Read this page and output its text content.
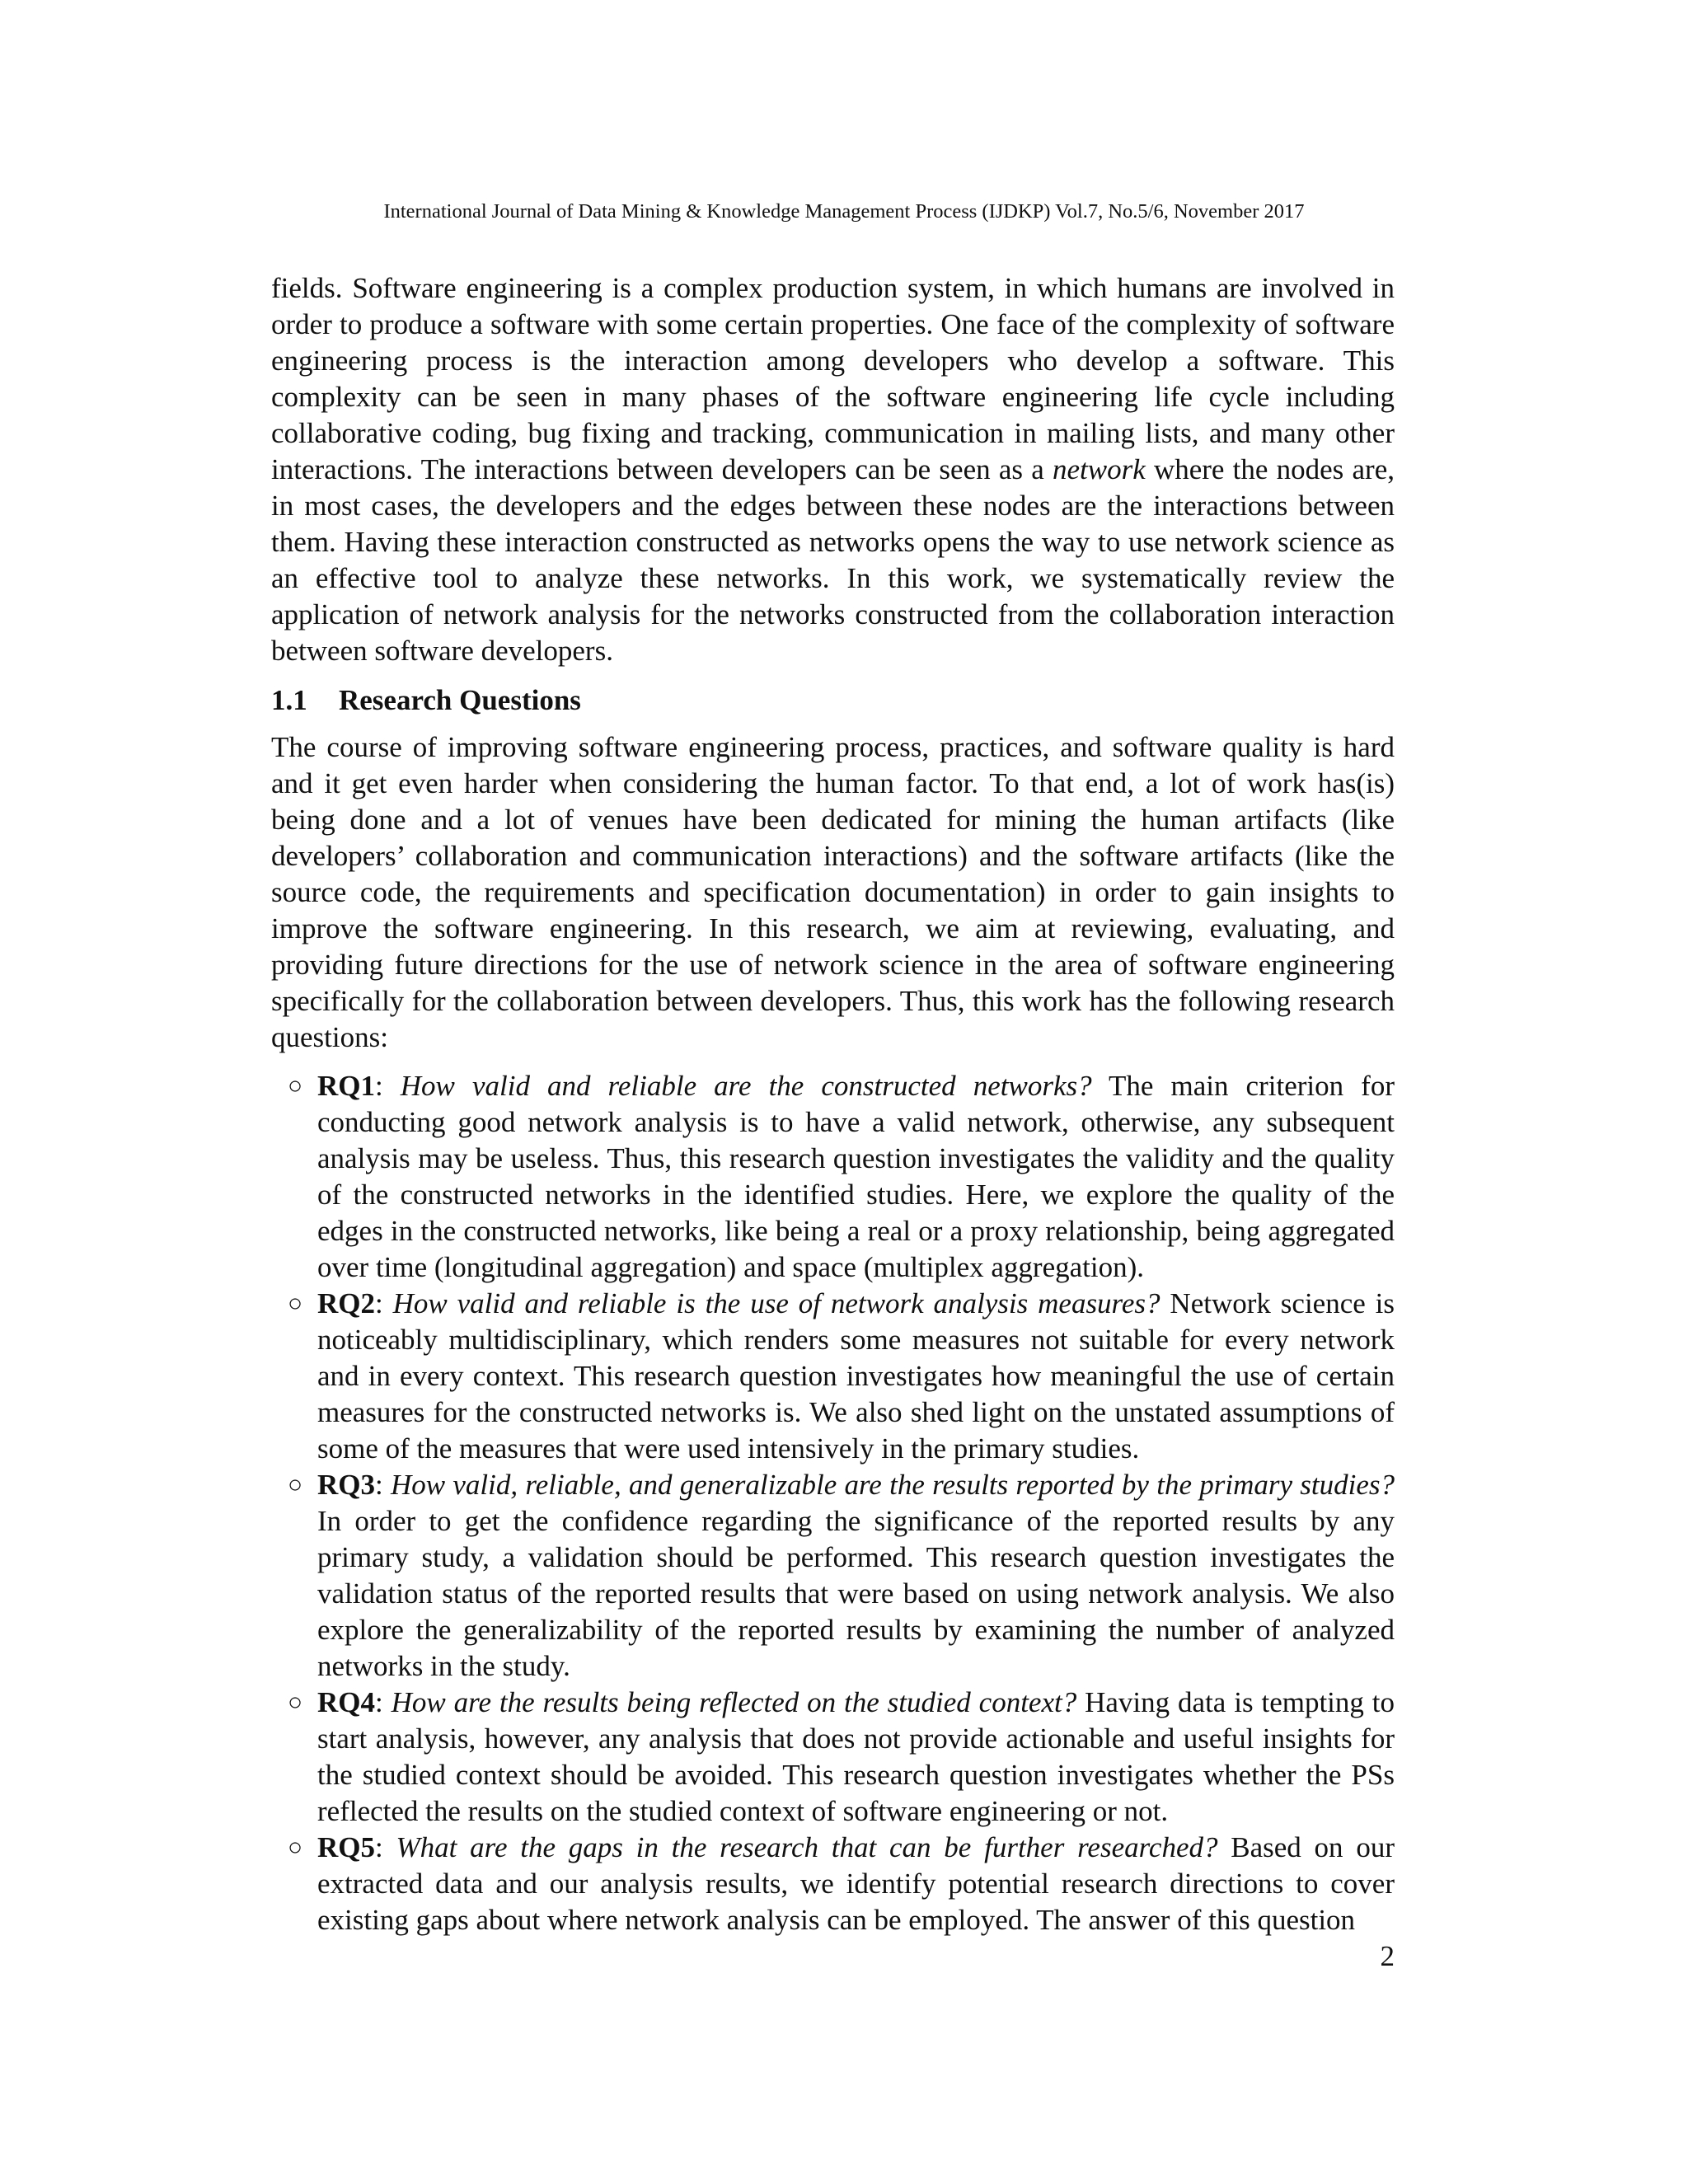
International Journal of Data Mining & Knowledge Management Process (IJDKP) Vol.7, No.5/6, November 2017

fields. Software engineering is a complex production system, in which humans are involved in order to produce a software with some certain properties. One face of the complexity of software engineering process is the interaction among developers who develop a software. This complexity can be seen in many phases of the software engineering life cycle including collaborative coding, bug fixing and tracking, communication in mailing lists, and many other interactions. The interactions between developers can be seen as a network where the nodes are, in most cases, the developers and the edges between these nodes are the interactions between them. Having these interaction constructed as networks opens the way to use network science as an effective tool to analyze these networks. In this work, we systematically review the application of network analysis for the networks constructed from the collaboration interaction between software developers.

1.1 Research Questions

The course of improving software engineering process, practices, and software quality is hard and it get even harder when considering the human factor. To that end, a lot of work has(is) being done and a lot of venues have been dedicated for mining the human artifacts (like developers’ collaboration and communication interactions) and the software artifacts (like the source code, the requirements and specification documentation) in order to gain insights to improve the software engineering. In this research, we aim at reviewing, evaluating, and providing future directions for the use of network science in the area of software engineering specifically for the collaboration between developers. Thus, this work has the following research questions:

○ RQ1: How valid and reliable are the constructed networks? The main criterion for conducting good network analysis is to have a valid network, otherwise, any subsequent analysis may be useless. Thus, this research question investigates the validity and the quality of the constructed networks in the identified studies. Here, we explore the quality of the edges in the constructed networks, like being a real or a proxy relationship, being aggregated over time (longitudinal aggregation) and space (multiplex aggregation).
○ RQ2: How valid and reliable is the use of network analysis measures? Network science is noticeably multidisciplinary, which renders some measures not suitable for every network and in every context. This research question investigates how meaningful the use of certain measures for the constructed networks is. We also shed light on the unstated assumptions of some of the measures that were used intensively in the primary studies.
○ RQ3: How valid, reliable, and generalizable are the results reported by the primary studies? In order to get the confidence regarding the significance of the reported results by any primary study, a validation should be performed. This research question investigates the validation status of the reported results that were based on using network analysis. We also explore the generalizability of the reported results by examining the number of analyzed networks in the study.
○ RQ4: How are the results being reflected on the studied context? Having data is tempting to start analysis, however, any analysis that does not provide actionable and useful insights for the studied context should be avoided. This research question investigates whether the PSs reflected the results on the studied context of software engineering or not.
○ RQ5: What are the gaps in the research that can be further researched? Based on our extracted data and our analysis results, we identify potential research directions to cover existing gaps about where network analysis can be employed. The answer of this question
2
